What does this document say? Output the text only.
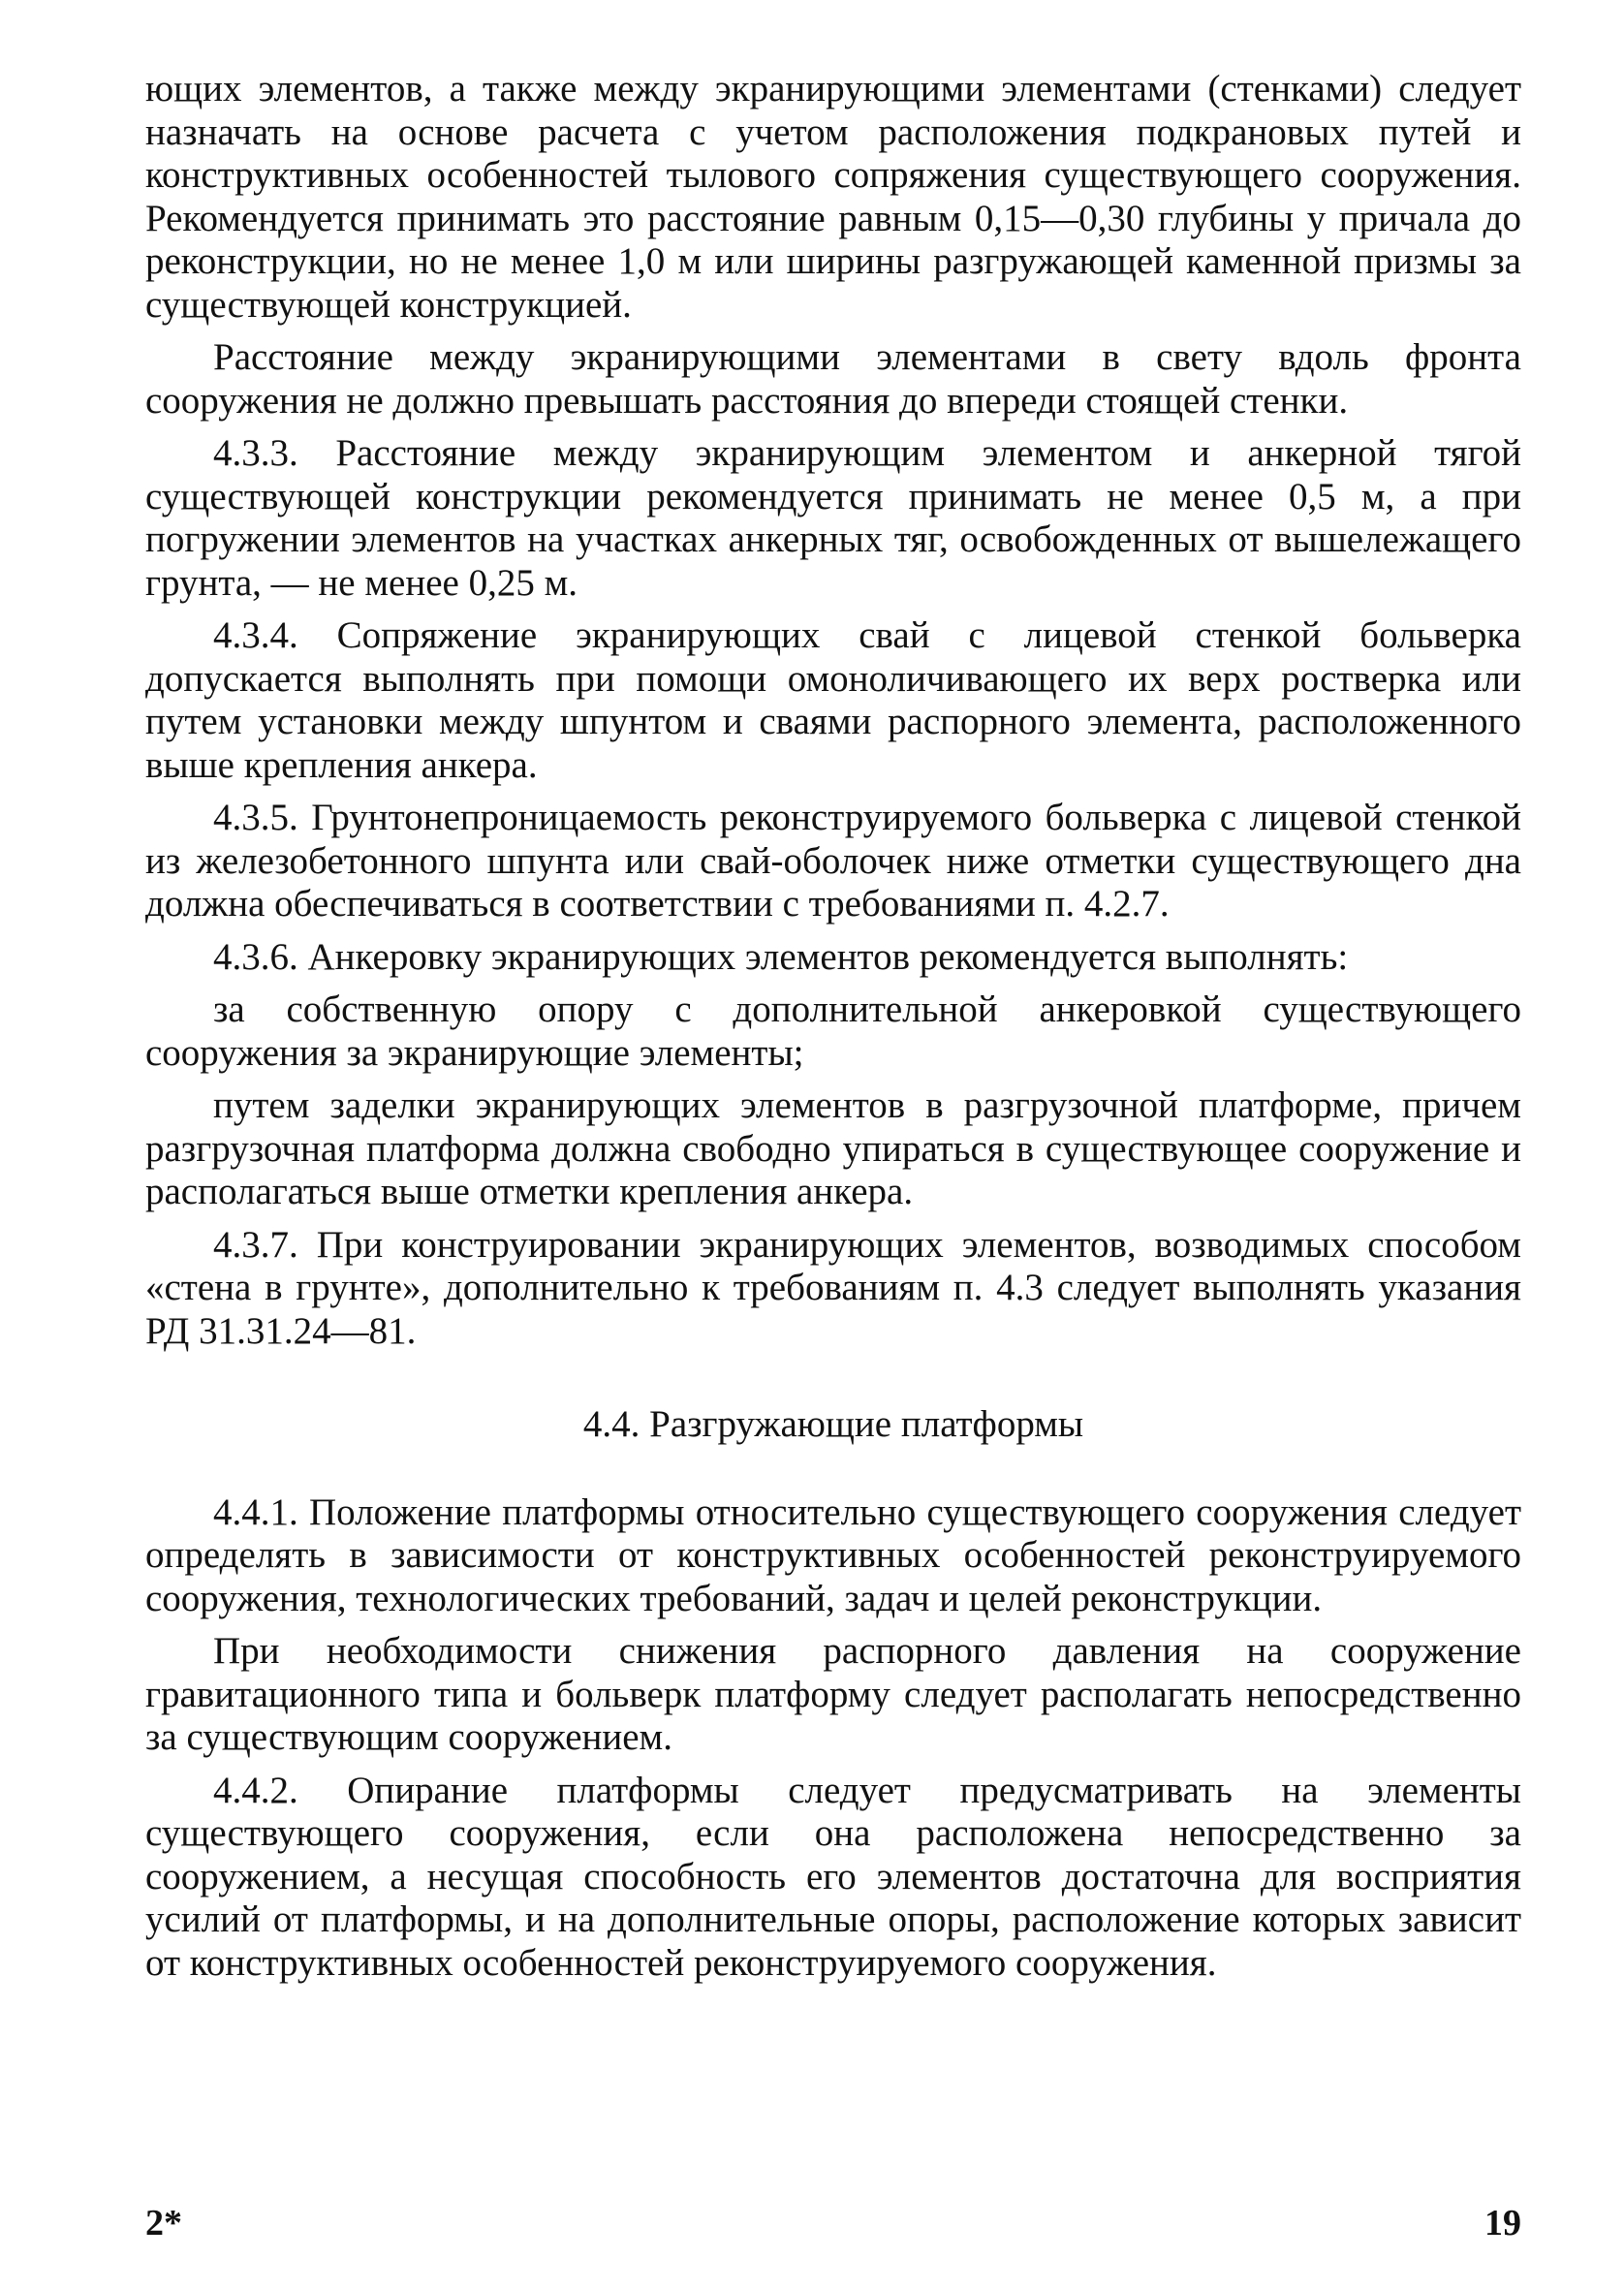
ющих элементов, а также между экранирующими элементами (стенками) следует назначать на основе расчета с учетом расположения подкрановых путей и конструктивных особенностей тылового сопряжения существующего сооружения. Рекомендуется принимать это расстояние равным 0,15—0,30 глубины у причала до реконструкции, но не менее 1,0 м или ширины разгружающей каменной призмы за существующей конструкцией.

Расстояние между экранирующими элементами в свету вдоль фронта сооружения не должно превышать расстояния до впереди стоящей стенки.

4.3.3. Расстояние между экранирующим элементом и анкерной тягой существующей конструкции рекомендуется принимать не менее 0,5 м, а при погружении элементов на участках анкерных тяг, освобожденных от вышележащего грунта, — не менее 0,25 м.

4.3.4. Сопряжение экранирующих свай с лицевой стенкой больверка допускается выполнять при помощи омоноличивающего их верх ростверка или путем установки между шпунтом и сваями распорного элемента, расположенного выше крепления анкера.

4.3.5. Грунтонепроницаемость реконструируемого больверка с лицевой стенкой из железобетонного шпунта или свай-оболочек ниже отметки существующего дна должна обеспечиваться в соответствии с требованиями п. 4.2.7.

4.3.6. Анкеровку экранирующих элементов рекомендуется выполнять:

за собственную опору с дополнительной анкеровкой существующего сооружения за экранирующие элементы;

путем заделки экранирующих элементов в разгрузочной платформе, причем разгрузочная платформа должна свободно упираться в существующее сооружение и располагаться выше отметки крепления анкера.

4.3.7. При конструировании экранирующих элементов, возводимых способом «стена в грунте», дополнительно к требованиям п. 4.3 следует выполнять указания РД 31.31.24—81.

4.4. Разгружающие платформы

4.4.1. Положение платформы относительно существующего сооружения следует определять в зависимости от конструктивных особенностей реконструируемого сооружения, технологических требований, задач и целей реконструкции.

При необходимости снижения распорного давления на сооружение гравитационного типа и больверк платформу следует располагать непосредственно за существующим сооружением.

4.4.2. Опирание платформы следует предусматривать на элементы существующего сооружения, если она расположена непосредственно за сооружением, а несущая способность его элементов достаточна для восприятия усилий от платформы, и на дополнительные опоры, расположение которых зависит от конструктивных особенностей реконструируемого сооружения.

2*	19
